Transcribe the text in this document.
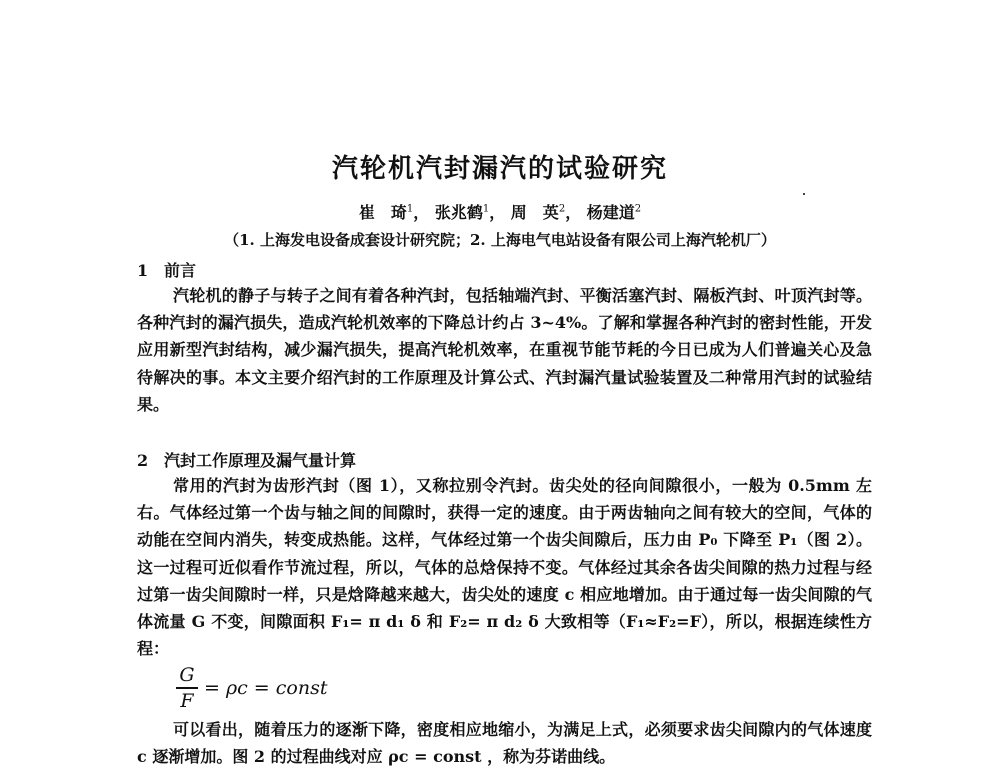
汽轮机汽封漏汽的试验研究
崔　琦$^1$， 张兆鹤$^1$， 周　英$^2$， 杨建道$^2$
（1. 上海发电设备成套设计研究院；2. 上海电气电站设备有限公司上海汽轮机厂）
1 前言
汽轮机的静子与转子之间有着各种汽封，包括轴端汽封、平衡活塞汽封、隔板汽封、叶顶汽封等。各种汽封的漏汽损失，造成汽轮机效率的下降总计约占 3~4%。了解和掌握各种汽封的密封性能，开发应用新型汽封结构，减少漏汽损失，提高汽轮机效率，在重视节能节耗的今日已成为人们普遍关心及急待解决的事。本文主要介绍汽封的工作原理及计算公式、汽封漏汽量试验装置及二种常用汽封的试验结果。
2 汽封工作原理及漏气量计算
常用的汽封为齿形汽封（图 1），又称拉别令汽封。齿尖处的径向间隙很小，一般为 0.5mm 左右。气体经过第一个齿与轴之间的间隙时，获得一定的速度。由于两齿轴向之间有较大的空间，气体的动能在空间内消失，转变成热能。这样，气体经过第一个齿尖间隙后，压力由 P₀ 下降至 P₁（图 2）。这一过程可近似看作节流过程，所以，气体的总焓保持不变。气体经过其余各齿尖间隙的热力过程与经过第一齿尖间隙时一样，只是焓降越来越大，齿尖处的速度 c 相应地增加。由于通过每一齿尖间隙的气体流量 G 不变，间隙面积 F₁= π d₁ δ 和 F₂= π d₂ δ 大致相等（F₁≈F₂=F），所以，根据连续性方程：
$\frac{G}{F} = \rho c$ = const
可以看出，随着压力的逐渐下降，密度相应地缩小，为满足上式，必须要求齿尖间隙内的气体速度 c 逐渐增加。图 2 的过程曲线对应 ρc = const ，称为芬诺曲线。
